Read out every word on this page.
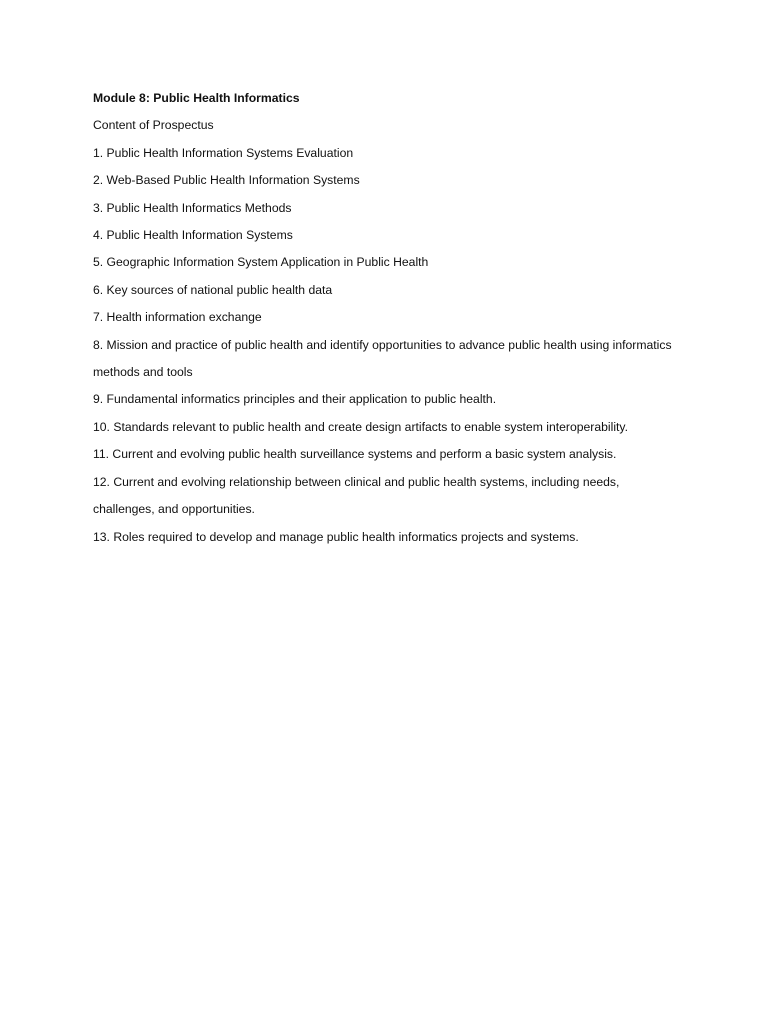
Module 8: Public Health Informatics

Content of Prospectus

1. Public Health Information Systems Evaluation

2. Web-Based Public Health Information Systems

3. Public Health Informatics Methods

4. Public Health Information Systems

5. Geographic Information System Application in Public Health

6. Key sources of national public health data

7. Health information exchange

8. Mission and practice of public health and identify opportunities to advance public health using informatics methods and tools

9. Fundamental informatics principles and their application to public health.

10. Standards relevant to public health and create design artifacts to enable system interoperability.

11. Current and evolving public health surveillance systems and perform a basic system analysis.

12. Current and evolving relationship between clinical and public health systems, including needs, challenges, and opportunities.

13. Roles required to develop and manage public health informatics projects and systems.
